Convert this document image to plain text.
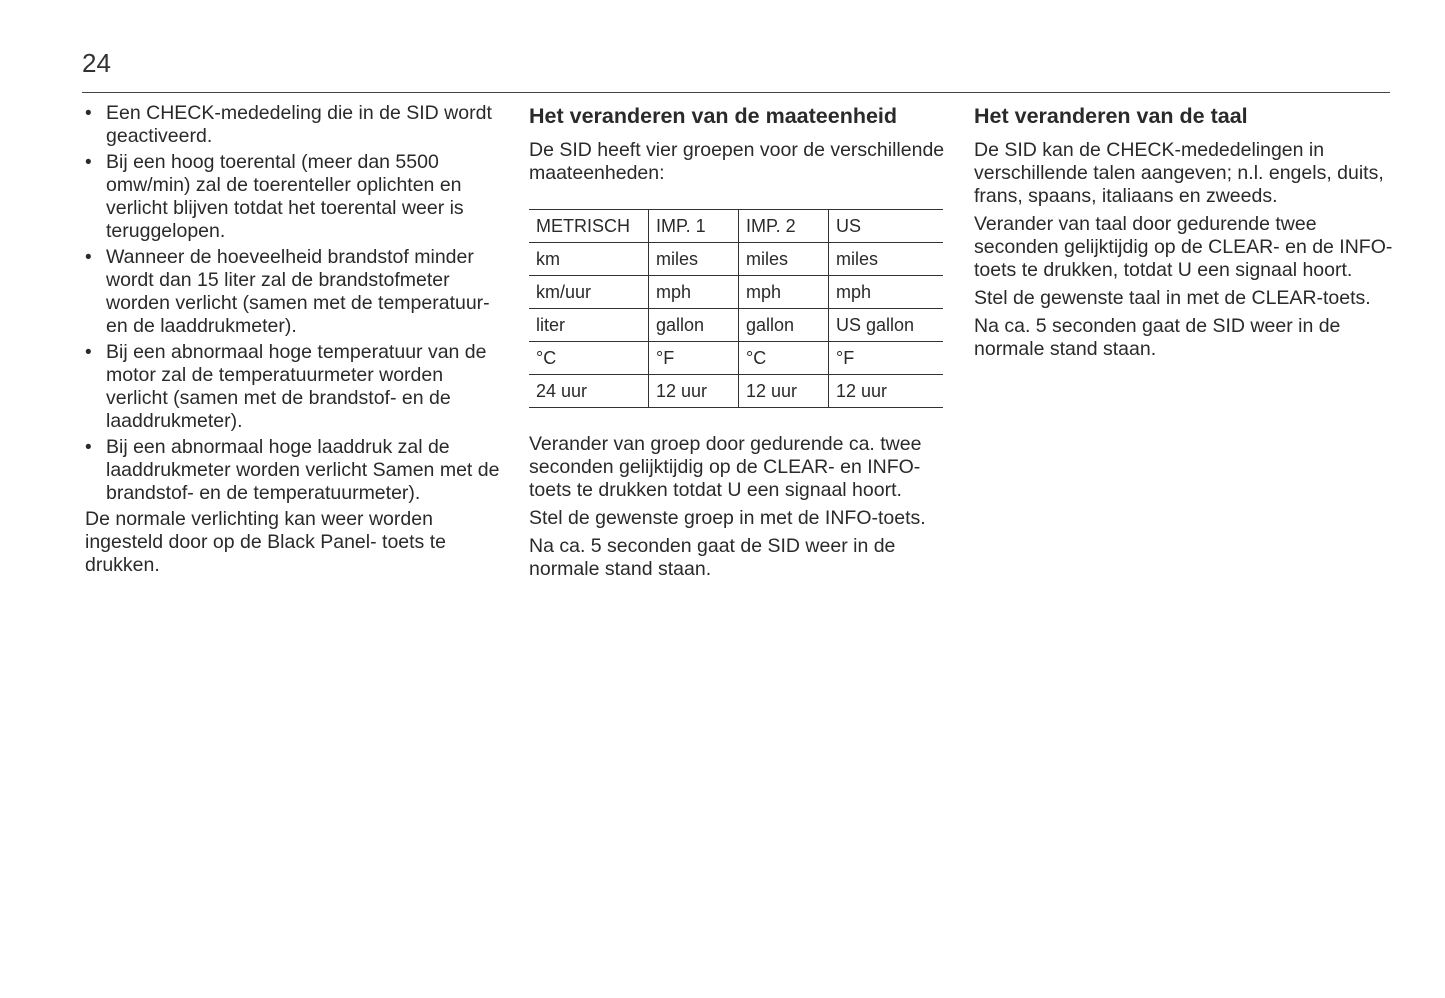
24
• Een CHECK-mededeling die in de SID wordt geactiveerd.
• Bij een hoog toerental (meer dan 5500 omw/min) zal de toerenteller oplichten en verlicht blijven totdat het toerental weer is teruggelopen.
• Wanneer de hoeveelheid brandstof minder wordt dan 15 liter zal de brandstofmeter worden verlicht (samen met de temperatuur- en de laaddrukmeter).
• Bij een abnormaal hoge temperatuur van de motor zal de temperatuurmeter worden verlicht (samen met de brandstof- en de laaddrukmeter).
• Bij een abnormaal hoge laaddruk zal de laaddrukmeter worden verlicht Samen met de brandstof- en de temperatuurmeter).

De normale verlichting kan weer worden ingesteld door op de Black Panel- toets te drukken.

Het veranderen van de maateenheid

De SID heeft vier groepen voor de verschillende maateenheden:

METRISCH	IMP. 1	IMP. 2	US
km	miles	miles	miles
km/uur	mph	mph	mph
liter	gallon	gallon	US gallon
°C	°F	°C	°F
24 uur	12 uur	12 uur	12 uur

Verander van groep door gedurende ca. twee seconden gelijktijdig op de CLEAR- en INFO- toets te drukken totdat U een signaal hoort.

Stel de gewenste groep in met de INFO-toets.

Na ca. 5 seconden gaat de SID weer in de normale stand staan.

Het veranderen van de taal

De SID kan de CHECK-mededelingen in verschillende talen aangeven; n.l. engels, duits, frans, spaans, italiaans en zweeds.

Verander van taal door gedurende twee seconden gelijktijdig op de CLEAR- en de INFO- toets te drukken, totdat U een signaal hoort.

Stel de gewenste taal in met de CLEAR-toets.

Na ca. 5 seconden gaat de SID weer in de normale stand staan.
